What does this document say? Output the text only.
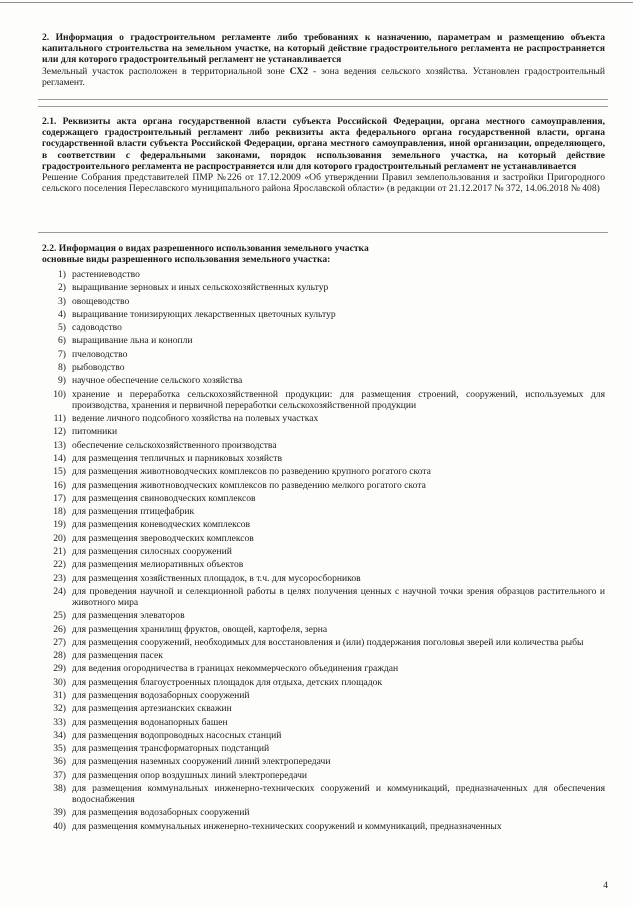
2. Информация о градостроительном регламенте либо требованиях к назначению, параметрам и размещению объекта капитального строительства на земельном участке, на который действие градостроительного регламента не распространяется или для которого градостроительный регламент не устанавливается
Земельный участок расположен в территориальной зоне СХ2 - зона ведения сельского хозяйства. Установлен градостроительный регламент.
2.1. Реквизиты акта органа государственной власти субъекта Российской Федерации, органа местного самоуправления, содержащего градостроительный регламент либо реквизиты акта федерального органа государственной власти, органа государственной власти субъекта Российской Федерации, органа местного самоуправления, иной организации, определяющего, в соответствии с федеральными законами, порядок использования земельного участка, на который действие градостроительного регламента не распространяется или для которого градостроительный регламент не устанавливается
Решение Собрания представителей ПМР №226 от 17.12.2009 «Об утверждении Правил землепользования и застройки Пригородного сельского поселения Переславского муниципального района Ярославской области» (в редакции от 21.12.2017 № 372, 14.06.2018 № 408)
2.2. Информация о видах разрешенного использования земельного участка
основные виды разрешенного использования земельного участка:
1) растениеводство
2) выращивание зерновых и иных сельскохозяйственных культур
3) овощеводство
4) выращивание тонизирующих лекарственных цветочных культур
5) садоводство
6) выращивание льна и конопли
7) пчеловодство
8) рыбоводство
9) научное обеспечение сельского хозяйства
10) хранение и переработка сельскохозяйственной продукции: для размещения строений, сооружений, используемых для производства, хранения и первичной переработки сельскохозяйственной продукции
11) ведение личного подсобного хозяйства на полевых участках
12) питомники
13) обеспечение сельскохозяйственного производства
14) для размещения тепличных и парниковых хозяйств
15) для размещения животноводческих комплексов по разведению крупного рогатого скота
16) для размещения животноводческих комплексов по разведению мелкого рогатого скота
17) для размещения свиноводческих комплексов
18) для размещения птицефабрик
19) для размещения коневодческих комплексов
20) для размещения звероводческих комплексов
21) для размещения силосных сооружений
22) для размещения мелиоративных объектов
23) для размещения хозяйственных площадок, в т.ч. для мусоросборников
24) для проведения научной и селекционной работы в целях получения ценных с научной точки зрения образцов растительного и животного мира
25) для размещения элеваторов
26) для размещения хранилищ фруктов, овощей, картофеля, зерна
27) для размещения сооружений, необходимых для восстановления и (или) поддержания поголовья зверей или количества рыбы
28) для размещения пасек
29) для ведения огородничества в границах некоммерческого объединения граждан
30) для размещения благоустроенных площадок для отдыха, детских площадок
31) для размещения водозаборных сооружений
32) для размещения артезианских скважин
33) для размещения водонапорных башен
34) для размещения водопроводных насосных станций
35) для размещения трансформаторных подстанций
36) для размещения наземных сооружений линий электропередачи
37) для размещения опор воздушных линий электропередачи
38) для размещения коммунальных инженерно-технических сооружений и коммуникаций, предназначенных для обеспечения водоснабжения
39) для размещения водозаборных сооружений
40) для размещения коммунальных инженерно-технических сооружений и коммуникаций, предназначенных
4
